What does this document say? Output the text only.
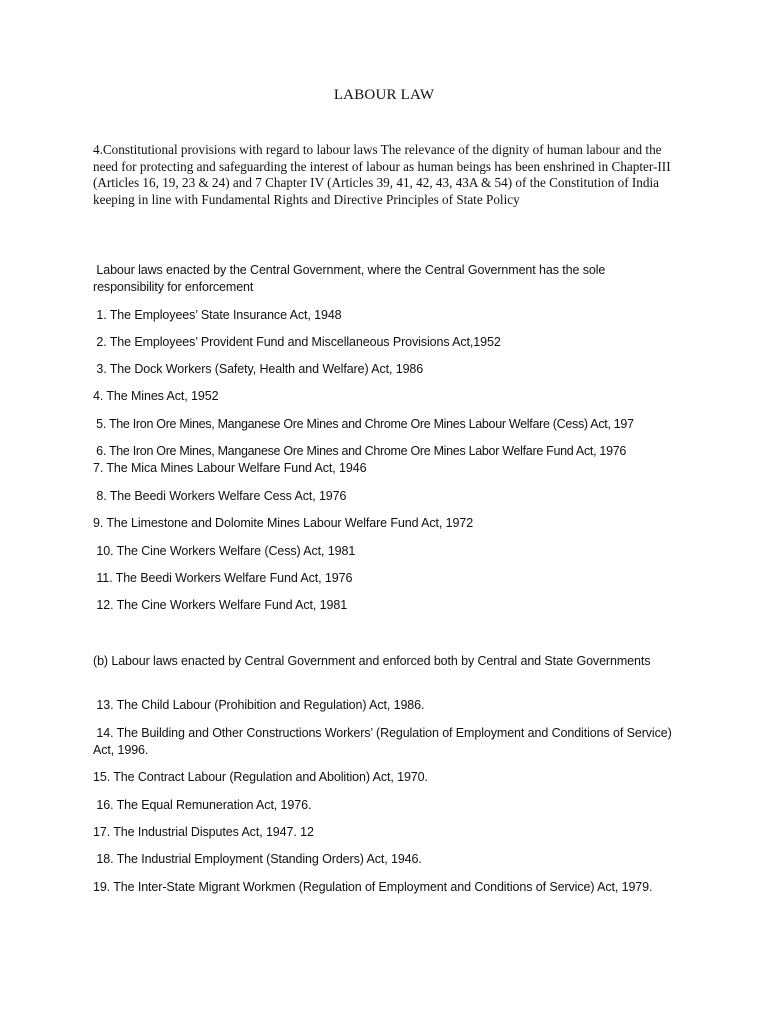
LABOUR LAW

4.Constitutional provisions with regard to labour laws The relevance of the dignity of human labour and the need for protecting and safeguarding the interest of labour as human beings has been enshrined in Chapter-III (Articles 16, 19, 23 & 24) and 7 Chapter IV (Articles 39, 41, 42, 43, 43A & 54) of the Constitution of India keeping in line with Fundamental Rights and Directive Principles of State Policy

Labour laws enacted by the Central Government, where the Central Government has the sole responsibility for enforcement

1. The Employees’ State Insurance Act, 1948

2. The Employees’ Provident Fund and Miscellaneous Provisions Act,1952

3. The Dock Workers (Safety, Health and Welfare) Act, 1986

4. The Mines Act, 1952

5. The Iron Ore Mines, Manganese Ore Mines and Chrome Ore Mines Labour Welfare (Cess) Act, 197

6. The Iron Ore Mines, Manganese Ore Mines and Chrome Ore Mines Labor Welfare Fund Act, 1976

7. The Mica Mines Labour Welfare Fund Act, 1946

8. The Beedi Workers Welfare Cess Act, 1976

9. The Limestone and Dolomite Mines Labour Welfare Fund Act, 1972

10. The Cine Workers Welfare (Cess) Act, 1981

11. The Beedi Workers Welfare Fund Act, 1976

12. The Cine Workers Welfare Fund Act, 1981

(b) Labour laws enacted by Central Government and enforced both by Central and State Governments

13. The Child Labour (Prohibition and Regulation) Act, 1986.

14. The Building and Other Constructions Workers’ (Regulation of Employment and Conditions of Service) Act, 1996.

15. The Contract Labour (Regulation and Abolition) Act, 1970.

16. The Equal Remuneration Act, 1976.

17. The Industrial Disputes Act, 1947. 12

18. The Industrial Employment (Standing Orders) Act, 1946.

19. The Inter-State Migrant Workmen (Regulation of Employment and Conditions of Service) Act, 1979.
